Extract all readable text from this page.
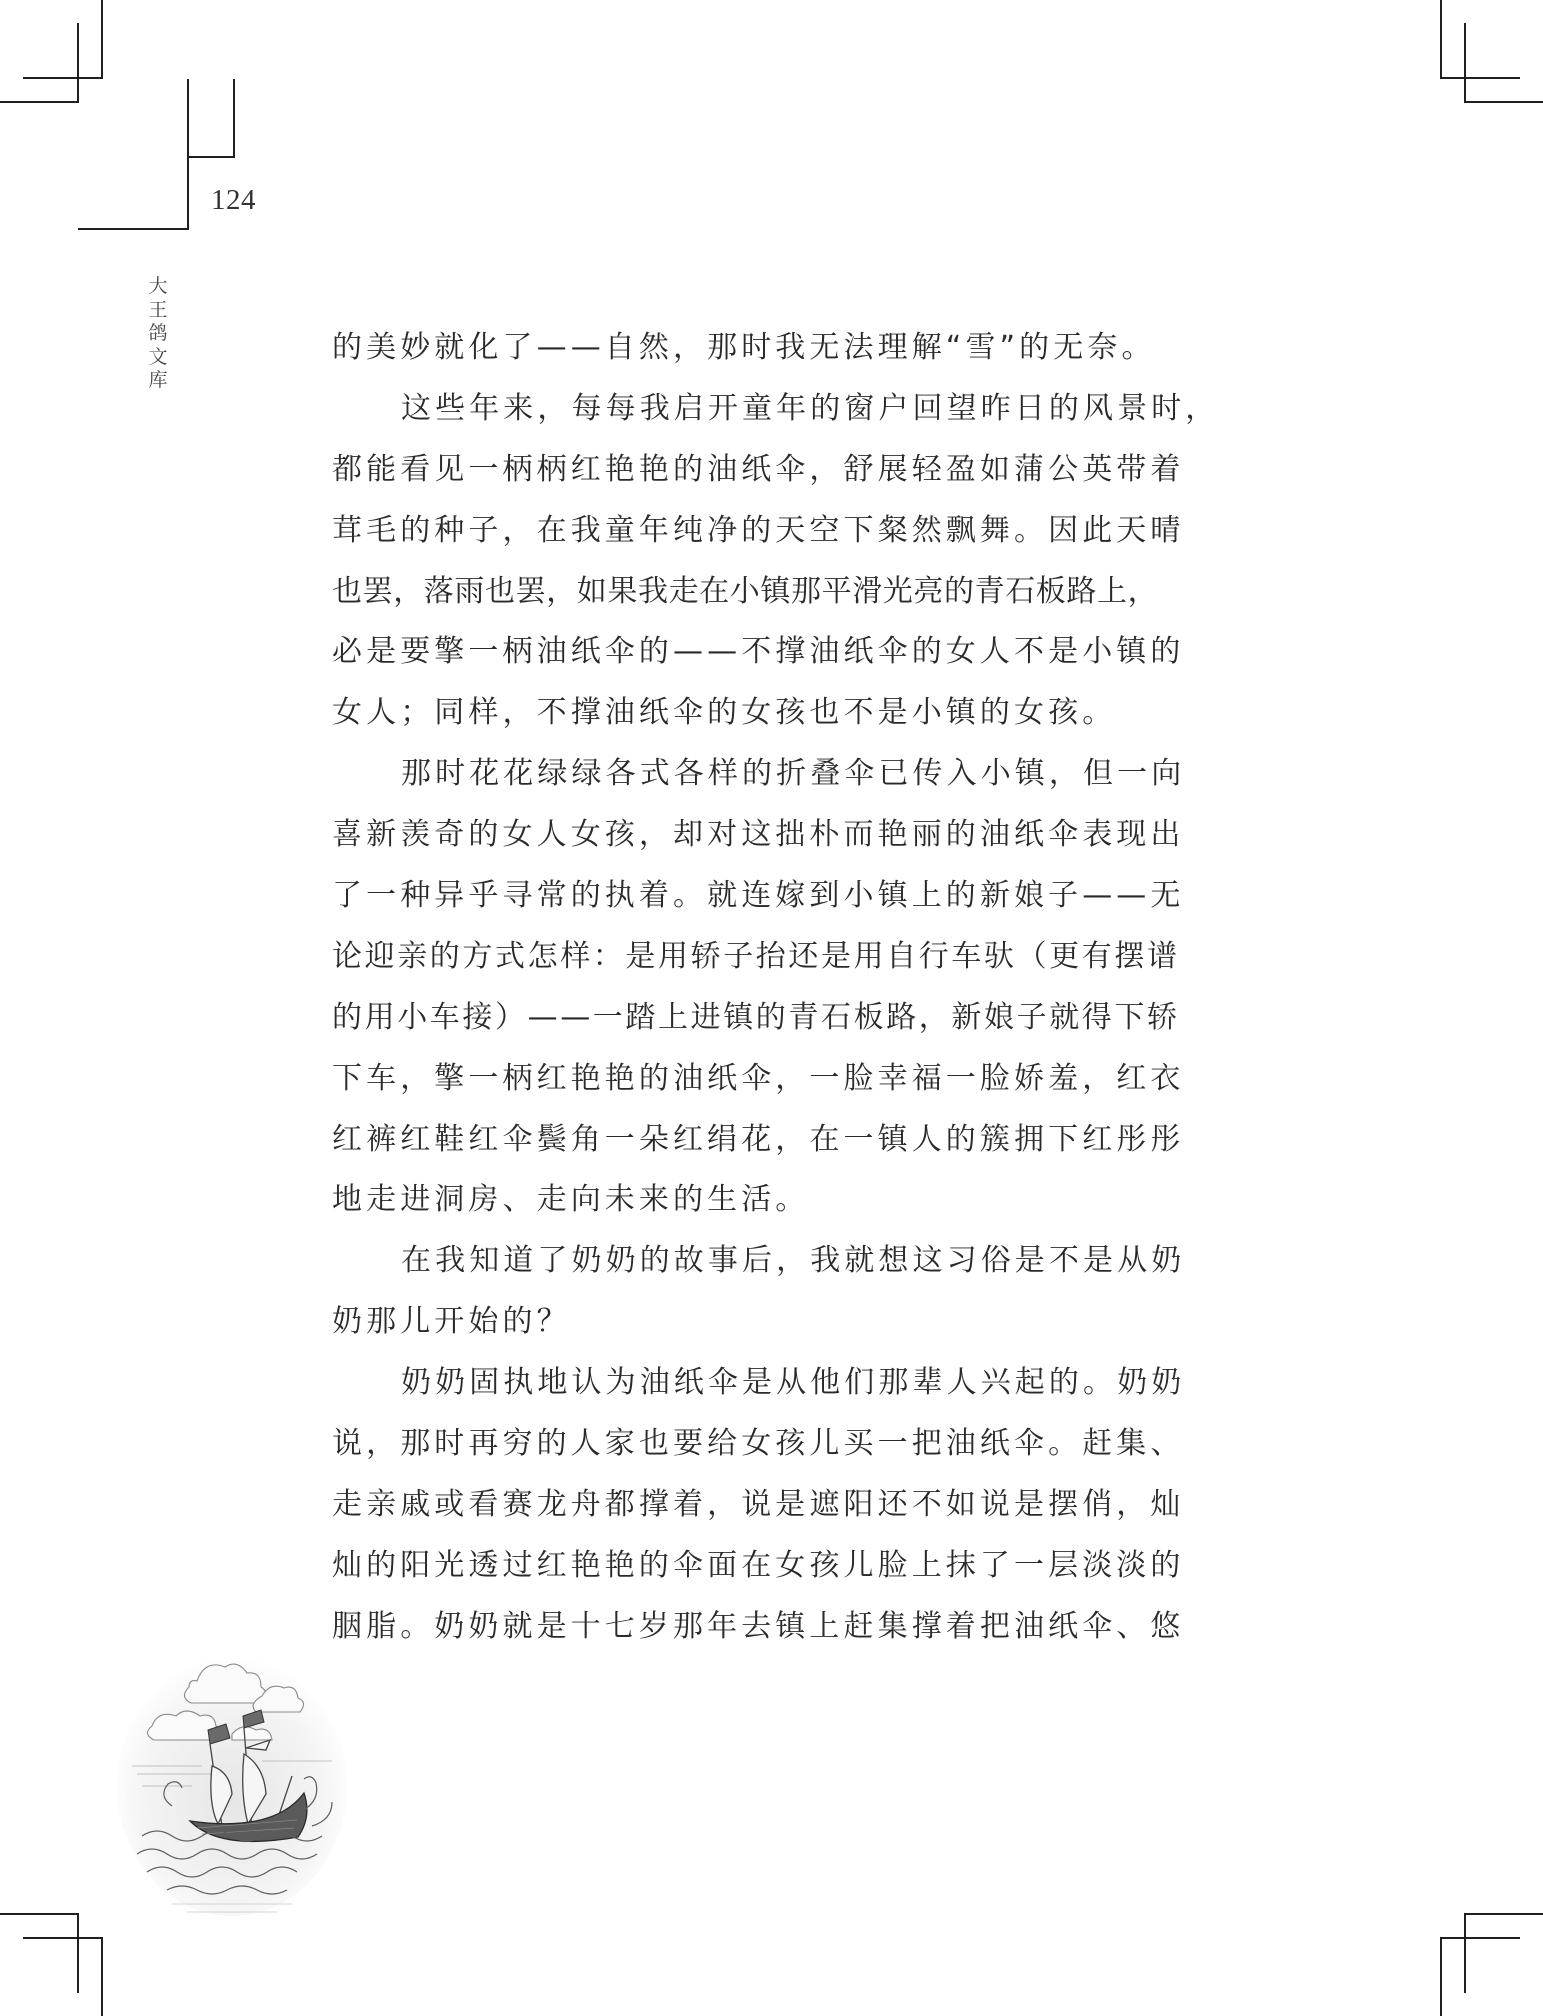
124
大
王
鸽
文
库
的美妙就化了——自然，那时我无法理解“雪”的无奈。
这些年来，每每我启开童年的窗户回望昨日的风景时，
都能看见一柄柄红艳艳的油纸伞，舒展轻盈如蒲公英带着
茸毛的种子，在我童年纯净的天空下粲然飘舞。因此天晴
也罢，落雨也罢，如果我走在小镇那平滑光亮的青石板路上，
必是要擎一柄油纸伞的——不撑油纸伞的女人不是小镇的
女人；同样，不撑油纸伞的女孩也不是小镇的女孩。
那时花花绿绿各式各样的折叠伞已传入小镇，但一向
喜新羡奇的女人女孩，却对这拙朴而艳丽的油纸伞表现出
了一种异乎寻常的执着。就连嫁到小镇上的新娘子——无
论迎亲的方式怎样：是用轿子抬还是用自行车驮（更有摆谱
的用小车接）——一踏上进镇的青石板路，新娘子就得下轿
下车，擎一柄红艳艳的油纸伞，一脸幸福一脸娇羞，红衣
红裤红鞋红伞鬓角一朵红绢花，在一镇人的簇拥下红彤彤
地走进洞房、走向未来的生活。
在我知道了奶奶的故事后，我就想这习俗是不是从奶
奶那儿开始的？
奶奶固执地认为油纸伞是从他们那辈人兴起的。奶奶
说，那时再穷的人家也要给女孩儿买一把油纸伞。赶集、
走亲戚或看赛龙舟都撑着，说是遮阳还不如说是摆俏，灿
灿的阳光透过红艳艳的伞面在女孩儿脸上抹了一层淡淡的
胭脂。奶奶就是十七岁那年去镇上赶集撑着把油纸伞、悠
